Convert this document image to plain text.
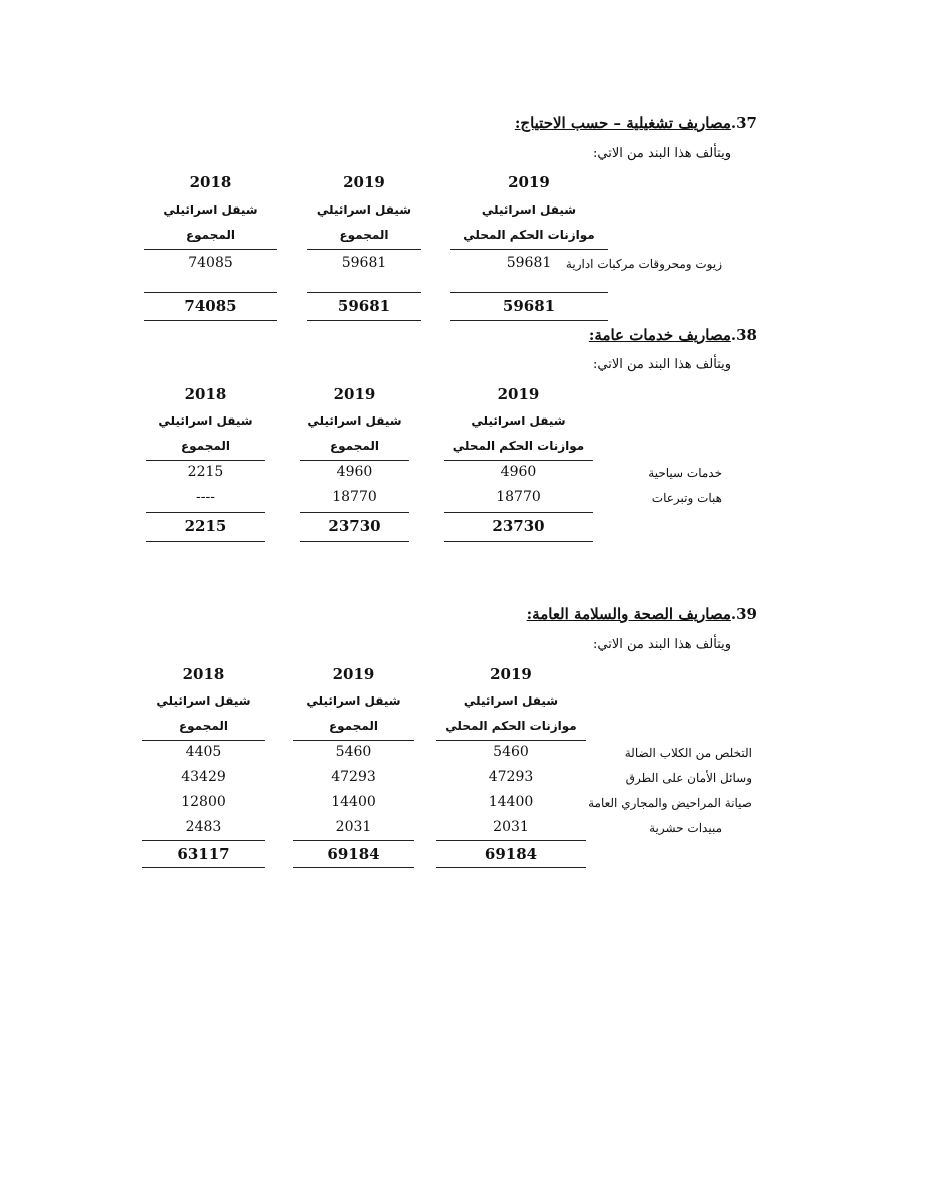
37.مصاريف تشغيلية – حسب الاحتياج:
ويتألف هذا البند من الاتي:
2019
شيقل اسرائيلي
موازنات الحكم المحلي
2019
شيقل اسرائيلي
المجموع
2018
شيقل اسرائيلي
المجموع
زيوت ومحروقات مركبات ادارية
59681
59681
74085
59681
59681
74085
38.مصاريف خدمات عامة:
ويتألف هذا البند من الاتي:
2019
شيقل اسرائيلي
موازنات الحكم المحلي
2019
شيقل اسرائيلي
المجموع
2018
شيقل اسرائيلي
المجموع
خدمات سياحية
4960
4960
2215
هبات وتبرعات
18770
18770
----
23730
23730
2215
39.مصاريف الصحة والسلامة العامة:
ويتألف هذا البند من الاتي:
2019
شيقل اسرائيلي
موازنات الحكم المحلي
2019
شيقل اسرائيلي
المجموع
2018
شيقل اسرائيلي
المجموع
التخلص من الكلاب الضالة
5460
5460
4405
وسائل الأمان على الطرق
47293
47293
43429
صيانة المراحيض والمجاري العامة
14400
14400
12800
مبيدات حشرية
2031
2031
2483
69184
69184
63117
